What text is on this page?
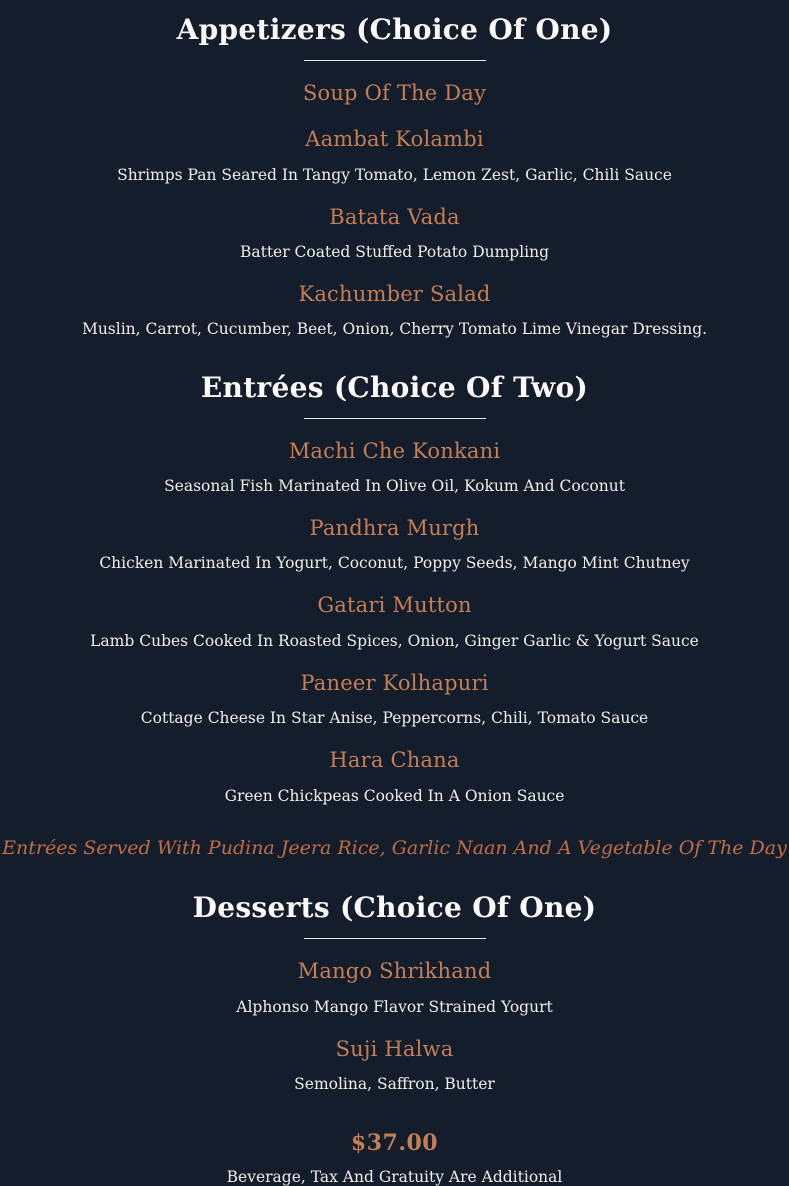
Appetizers (Choice Of One)
Soup Of The Day
Aambat Kolambi
Shrimps Pan Seared In Tangy Tomato, Lemon Zest, Garlic, Chili Sauce
Batata Vada
Batter Coated Stuffed Potato Dumpling
Kachumber Salad
Muslin, Carrot, Cucumber, Beet, Onion, Cherry Tomato Lime Vinegar Dressing.
Entrées (Choice Of Two)
Machi Che Konkani
Seasonal Fish Marinated In Olive Oil, Kokum And Coconut
Pandhra Murgh
Chicken Marinated In Yogurt, Coconut, Poppy Seeds, Mango Mint Chutney
Gatari Mutton
Lamb Cubes Cooked In Roasted Spices, Onion, Ginger Garlic & Yogurt Sauce
Paneer Kolhapuri
Cottage Cheese In Star Anise, Peppercorns, Chili, Tomato Sauce
Hara Chana
Green Chickpeas Cooked In A Onion Sauce
Entrées Served With Pudina Jeera Rice, Garlic Naan And A Vegetable Of The Day
Desserts (Choice Of One)
Mango Shrikhand
Alphonso Mango Flavor Strained Yogurt
Suji Halwa
Semolina, Saffron, Butter
$37.00
Beverage, Tax And Gratuity Are Additional
